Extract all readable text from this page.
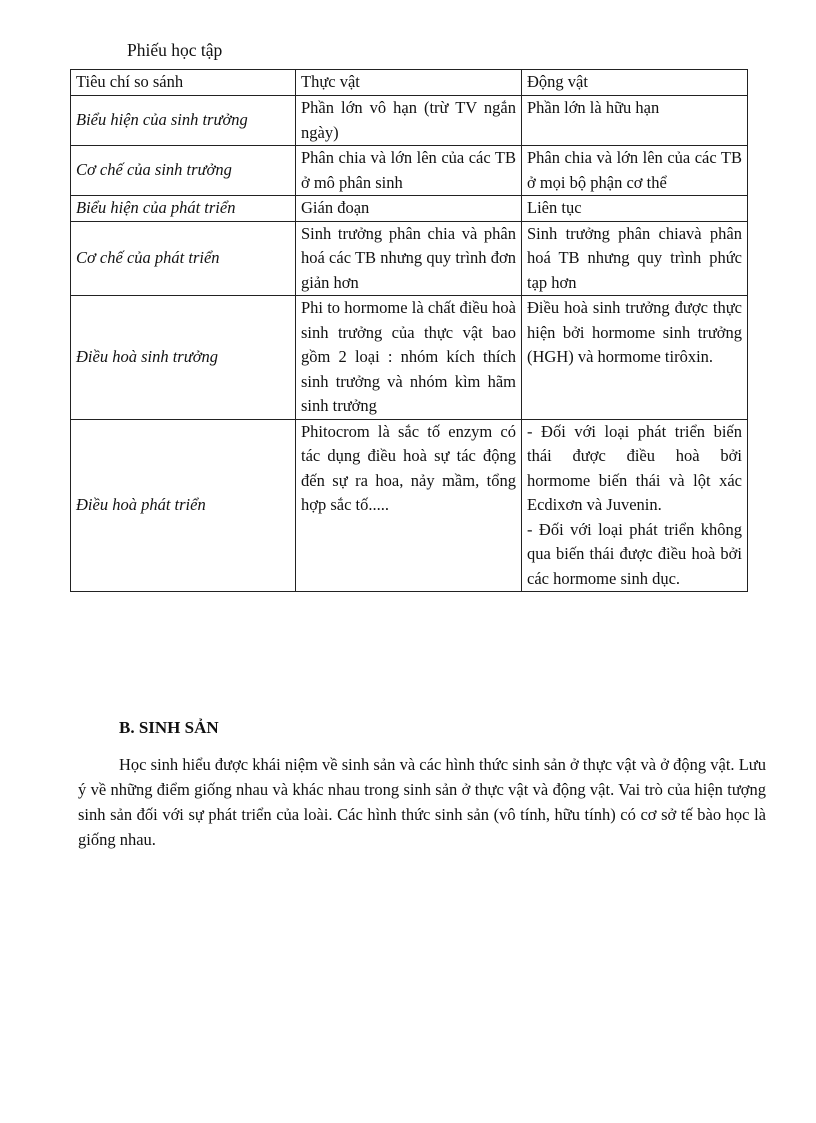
Phiếu học tập
Tiêu chí so sánh	Thực vật	Động vật
Biểu hiện của sinh trưởng	Phần lớn vô hạn (trừ TV ngắn ngày)	Phần lớn là hữu hạn
Cơ chế của sinh trưởng	Phân chia và lớn lên của các TB ở mô phân sinh	Phân chia và lớn lên của các TB ở mọi bộ phận cơ thể
Biểu hiện của phát triển	Gián đoạn	Liên tục
Cơ chế của phát triển	Sinh trưởng phân chia và phân hoá các TB nhưng quy trình đơn giản hơn	Sinh trưởng phân chiavà phân hoá TB nhưng quy trình phức tạp hơn
Điều hoà sinh trưởng	Phi to hormome là chất điều hoà sinh trưởng của thực vật bao gồm 2 loại : nhóm kích thích sinh trưởng và nhóm kìm hãm sinh trưởng	Điều hoà sinh trưởng được thực hiện bởi hormome sinh trưởng (HGH) và hormome tirôxin.
Điều hoà phát triển	Phitocrom là sắc tố enzym có tác dụng điều hoà sự tác động đến sự ra hoa, nảy mầm, tổng hợp sắc tố.....	- Đối với loại phát triển biến thái được điều hoà bởi hormome biến thái và lột xác Ecdixơn và Juvenin.
- Đối với loại phát triển không qua biến thái được điều hoà bởi các hormome sinh dục.
B. SINH SẢN

Học sinh hiểu được khái niệm về sinh sản và các hình thức sinh sản ở thực vật và ở động vật. Lưu ý về những điểm giống nhau và khác nhau trong sinh sản ở thực vật và động vật. Vai trò của hiện tượng sinh sản đối với sự phát triển của loài. Các hình thức sinh sản (vô tính, hữu tính) có cơ sở tế bào học là giống nhau.
